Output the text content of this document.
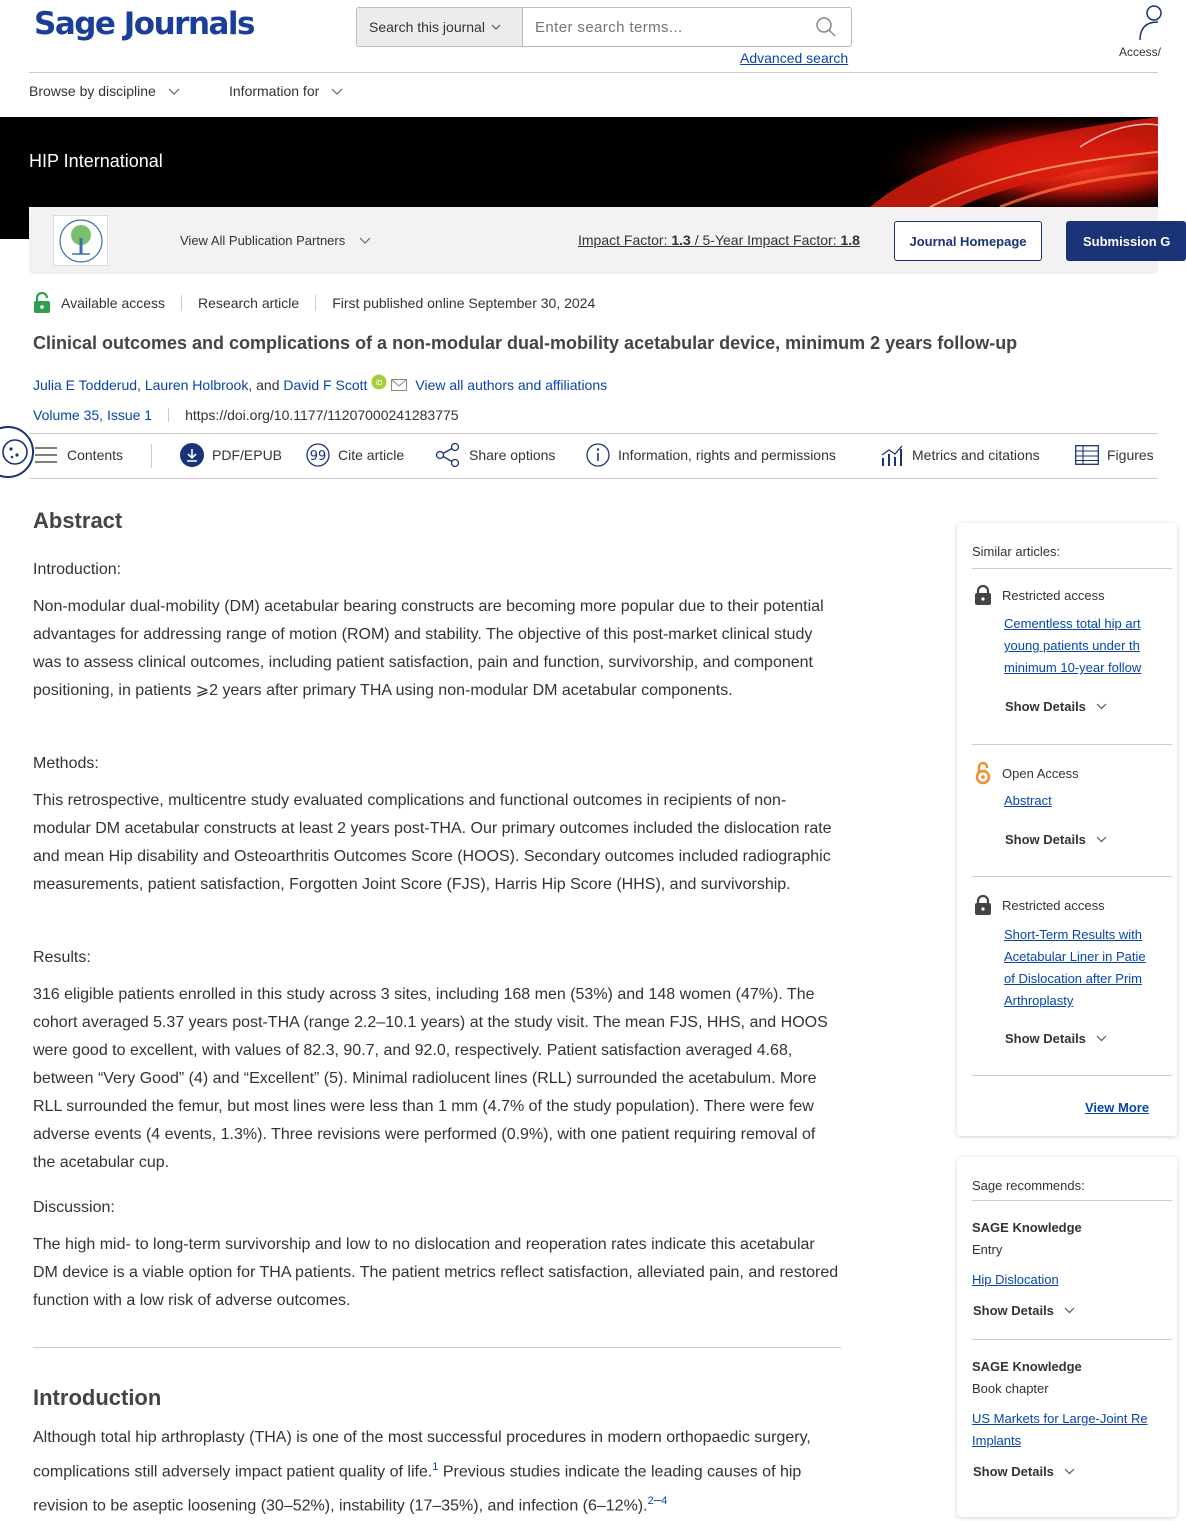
Sage Journals	Search this journal
Enter search terms...
Advanced search	Access/
Browse by discipline	Information for
HIP International
View All Publication Partners	Impact Factor: 1.3 / 5-Year Impact Factor: 1.8	Journal Homepage	Submission G
Available access Research article First published online September 30, 2024
Clinical outcomes and complications of a non-modular dual-mobility acetabular device, minimum 2 years follow-up
Julia E Todderud , Lauren Holbrook , and David F Scott iD View all authors and affiliations
Volume 35, Issue 1 https://doi.org/10.1177/11207000241283775
Contents	PDF/EPUB 99 Cite article	Share options	Information, rights and permissions	Metrics and citations	Figures
Abstract
Introduction:

Non-modular dual-mobility (DM) acetabular bearing constructs are becoming more popular due to their potential advantages for addressing range of motion (ROM) and stability. The objective of this post-market clinical study was to assess clinical outcomes, including patient satisfaction, pain and function, survivorship, and component positioning, in patients ⩾2 years after primary THA using non-modular DM acetabular components.

Methods:

This retrospective, multicentre study evaluated complications and functional outcomes in recipients of non-modular DM acetabular constructs at least 2 years post-THA. Our primary outcomes included the dislocation rate and mean Hip disability and Osteoarthritis Outcomes Score (HOOS). Secondary outcomes included radiographic measurements, patient satisfaction, Forgotten Joint Score (FJS), Harris Hip Score (HHS), and survivorship.

Results:

316 eligible patients enrolled in this study across 3 sites, including 168 men (53%) and 148 women (47%). The cohort averaged 5.37 years post-THA (range 2.2–10.1 years) at the study visit. The mean FJS, HHS, and HOOS were good to excellent, with values of 82.3, 90.7, and 92.0, respectively. Patient satisfaction averaged 4.68, between “Very Good” (4) and “Excellent” (5). Minimal radiolucent lines (RLL) surrounded the acetabulum. More RLL surrounded the femur, but most lines were less than 1 mm (4.7% of the study population). There were few adverse events (4 events, 1.3%). Three revisions were performed (0.9%), with one patient requiring removal of the acetabular cup.

Discussion:

The high mid- to long-term survivorship and low to no dislocation and reoperation rates indicate this acetabular DM device is a viable option for THA patients. The patient metrics reflect satisfaction, alleviated pain, and restored function with a low risk of adverse outcomes.

Introduction

Although total hip arthroplasty (THA) is one of the most successful procedures in modern orthopaedic surgery, complications still adversely impact patient quality of life.$^1$ Previous studies indicate the leading causes of hip revision to be aseptic loosening (30–52%), instability (17–35%), and infection (6–12%).$^{2-4}$

Similar articles:
Restricted access
Cementless total hip art
young patients under th
minimum 10-year follow
Show Details
Open Access
Abstract
Show Details
Restricted access
Short-Term Results with
Acetabular Liner in Patie
of Dislocation after Prim
Arthroplasty
Show Details
View More
Sage recommends:
SAGE Knowledge
Entry
Hip Dislocation
Show Details
SAGE Knowledge
Book chapter
US Markets for Large-Joint Re
Implants
Show Details
